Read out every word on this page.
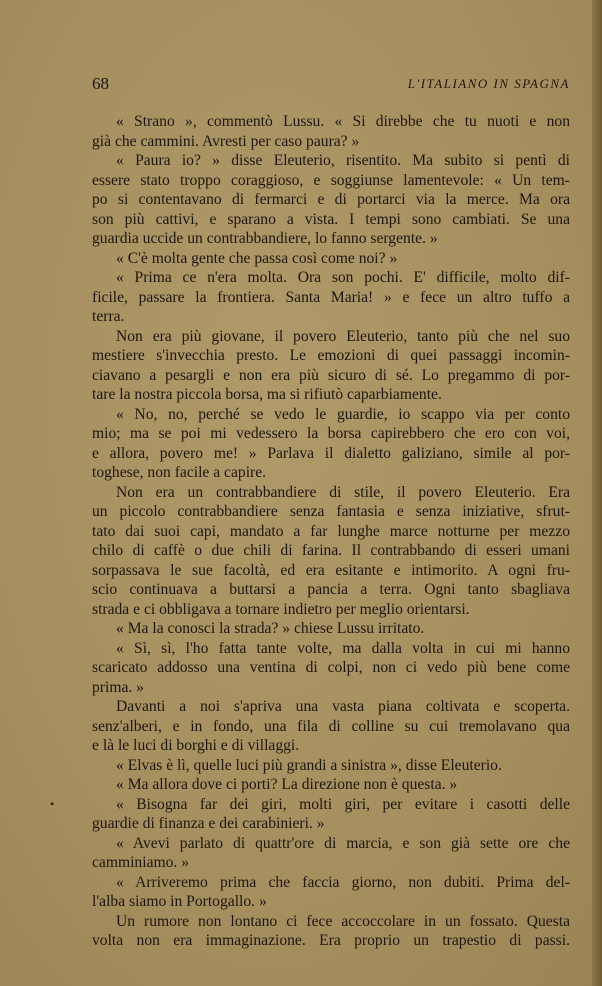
68	L'ITALIANO IN SPAGNA
« Strano », commentò Lussu. « Si direbbe che tu nuoti e non
già che cammini. Avresti per caso paura? »
« Paura io? » disse Eleuterio, risentito. Ma subito si pentì di
essere stato troppo coraggioso, e soggiunse lamentevole: « Un tem-
po si contentavano di fermarci e di portarci via la merce. Ma ora
son più cattivi, e sparano a vista. I tempi sono cambiati. Se una
guardia uccide un contrabbandiere, lo fanno sergente. »
« C'è molta gente che passa così come noi? »
« Prima ce n'era molta. Ora son pochi. E' difficile, molto dif-
ficile, passare la frontiera. Santa Maria! » e fece un altro tuffo a
terra.
Non era più giovane, il povero Eleuterio, tanto più che nel suo
mestiere s'invecchia presto. Le emozioni di quei passaggi incomin-
ciavano a pesargli e non era più sicuro di sé. Lo pregammo di por-
tare la nostra piccola borsa, ma si rifiutò caparbiamente.
« No, no, perché se vedo le guardie, io scappo via per conto
mio; ma se poi mi vedessero la borsa capirebbero che ero con voi,
e allora, povero me! » Parlava il dialetto galiziano, simile al por-
toghese, non facile a capire.
Non era un contrabbandiere di stile, il povero Eleuterio. Era
un piccolo contrabbandiere senza fantasia e senza iniziative, sfrut-
tato dai suoi capi, mandato a far lunghe marce notturne per mezzo
chilo di caffè o due chili di farina. Il contrabbando di esseri umani
sorpassava le sue facoltà, ed era esitante e intimorito. A ogni fru-
scio continuava a buttarsi a pancia a terra. Ogni tanto sbagliava
strada e ci obbligava a tornare indietro per meglio orientarsi.
« Ma la conosci la strada? » chiese Lussu irritato.
« Sì, sì, l'ho fatta tante volte, ma dalla volta in cui mi hanno
scaricato addosso una ventina di colpi, non ci vedo più bene come
prima. »
Davanti a noi s'apriva una vasta piana coltivata e scoperta.
senz'alberi, e in fondo, una fila di colline su cui tremolavano qua
e là le luci di borghi e di villaggi.
« Elvas è lì, quelle luci più grandi a sinistra », disse Eleuterio.
« Ma allora dove ci porti? La direzione non è questa. »
« Bisogna far dei giri, molti giri, per evitare i casotti delle
guardie di finanza e dei carabinieri. »
« Avevi parlato di quattr'ore di marcia, e son già sette ore che
camminiamo. »
« Arriveremo prima che faccia giorno, non dubiti. Prima del-
l'alba siamo in Portogallo. »
Un rumore non lontano ci fece accoccolare in un fossato. Questa
volta non era immaginazione. Era proprio un trapestio di passi.
•
